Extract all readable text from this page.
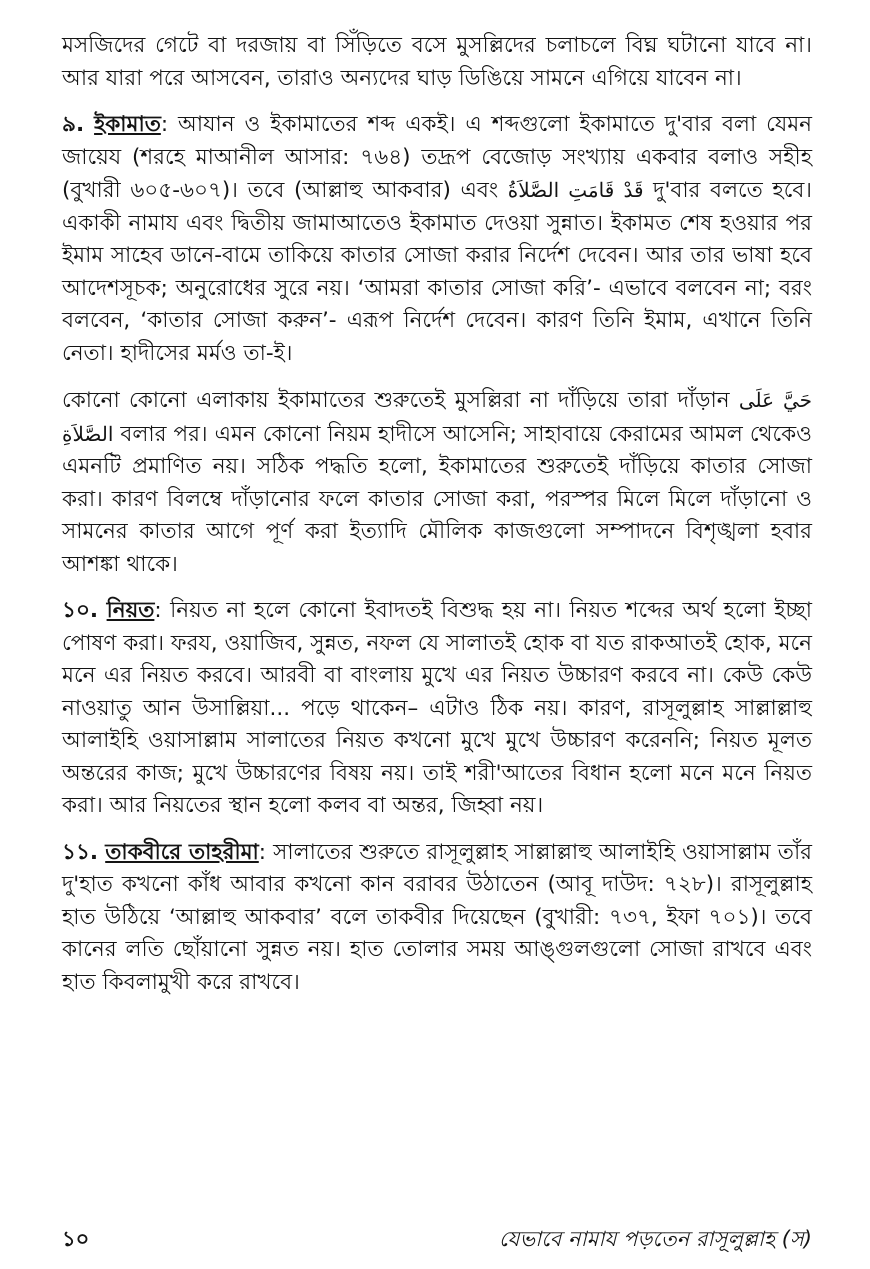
মসজিদের গেটে বা দরজায় বা সিঁড়িতে বসে মুসল্লিদের চলাচলে বিঘ্ন ঘটানো যাবে না। আর যারা পরে আসবেন, তারাও অন্যদের ঘাড় ডিঙিয়ে সামনে এগিয়ে যাবেন না।

৯. ইকামাত: আযান ও ইকামাতের শব্দ একই। এ শব্দগুলো ইকামাতে দু'বার বলা যেমন জায়েয (শরহে মাআনীল আসার: ৭৬৪) তদ্রূপ বেজোড় সংখ্যায় একবার বলাও সহীহ (বুখারী ৬০৫-৬০৭)। তবে (আল্লাহু আকবার) এবং قَدْ قَامَتِ الصَّلاَةُ দু'বার বলতে হবে। একাকী নামায এবং দ্বিতীয় জামাআতেও ইকামাত দেওয়া সুন্নাত। ইকামত শেষ হওয়ার পর ইমাম সাহেব ডানে-বামে তাকিয়ে কাতার সোজা করার নির্দেশ দেবেন। আর তার ভাষা হবে আদেশসূচক; অনুরোধের সুরে নয়। ‘আমরা কাতার সোজা করি’- এভাবে বলবেন না; বরং বলবেন, ‘কাতার সোজা করুন’- এরূপ নির্দেশ দেবেন। কারণ তিনি ইমাম, এখানে তিনি নেতা। হাদীসের মর্মও তা-ই।

কোনো কোনো এলাকায় ইকামাতের শুরুতেই মুসল্লিরা না দাঁড়িয়ে তারা দাঁড়ান حَيَّ عَلَى الصَّلاَةِ বলার পর। এমন কোনো নিয়ম হাদীসে আসেনি; সাহাবায়ে কেরামের আমল থেকেও এমনটি প্রমাণিত নয়। সঠিক পদ্ধতি হলো, ইকামাতের শুরুতেই দাঁড়িয়ে কাতার সোজা করা। কারণ বিলম্বে দাঁড়ানোর ফলে কাতার সোজা করা, পরস্পর মিলে মিলে দাঁড়ানো ও সামনের কাতার আগে পূর্ণ করা ইত্যাদি মৌলিক কাজগুলো সম্পাদনে বিশৃঙ্খলা হবার আশঙ্কা থাকে।

১০. নিয়ত: নিয়ত না হলে কোনো ইবাদতই বিশুদ্ধ হয় না। নিয়ত শব্দের অর্থ হলো ইচ্ছা পোষণ করা। ফরয, ওয়াজিব, সুন্নত, নফল যে সালাতই হোক বা যত রাকআতই হোক, মনে মনে এর নিয়ত করবে। আরবী বা বাংলায় মুখে এর নিয়ত উচ্চারণ করবে না। কেউ কেউ নাওয়াতু আন উসাল্লিয়া... পড়ে থাকেন– এটাও ঠিক নয়। কারণ, রাসূলুল্লাহ সাল্লাল্লাহু আলাইহি ওয়াসাল্লাম সালাতের নিয়ত কখনো মুখে মুখে উচ্চারণ করেননি; নিয়ত মূলত অন্তরের কাজ; মুখে উচ্চারণের বিষয় নয়। তাই শরী'আতের বিধান হলো মনে মনে নিয়ত করা। আর নিয়তের স্থান হলো কলব বা অন্তর, জিহ্বা নয়।

১১. তাকবীরে তাহরীমা: সালাতের শুরুতে রাসূলুল্লাহ সাল্লাল্লাহু আলাইহি ওয়াসাল্লাম তাঁর দু'হাত কখনো কাঁধ আবার কখনো কান বরাবর উঠাতেন (আবূ দাউদ: ৭২৮)। রাসূলুল্লাহ হাত উঠিয়ে ‘আল্লাহু আকবার’ বলে তাকবীর দিয়েছেন (বুখারী: ৭৩৭, ইফা ৭০১)। তবে কানের লতি ছোঁয়ানো সুন্নত নয়। হাত তোলার সময় আঙ্গুলগুলো সোজা রাখবে এবং হাত কিবলামুখী করে রাখবে।

১০	যেভাবে নামায পড়তেন রাসূলুল্লাহ (স)
